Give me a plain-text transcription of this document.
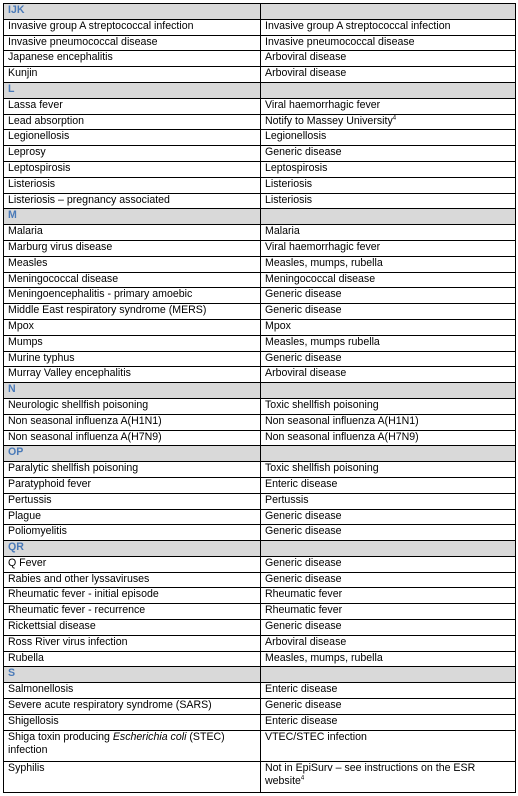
IJK	
Invasive group A streptococcal infection	Invasive group A streptococcal infection
Invasive pneumococcal disease	Invasive pneumococcal disease
Japanese encephalitis	Arboviral disease
Kunjin	Arboviral disease
L	
Lassa fever	Viral haemorrhagic fever
Lead absorption	Notify to Massey University$^4$
Legionellosis	Legionellosis
Leprosy	Generic disease
Leptospirosis	Leptospirosis
Listeriosis	Listeriosis
Listeriosis – pregnancy associated	Listeriosis
M	
Malaria	Malaria
Marburg virus disease	Viral haemorrhagic fever
Measles	Measles, mumps, rubella
Meningococcal disease	Meningococcal disease
Meningoencephalitis - primary amoebic	Generic disease
Middle East respiratory syndrome (MERS)	Generic disease
Mpox	Mpox
Mumps	Measles, mumps rubella
Murine typhus	Generic disease
Murray Valley encephalitis	Arboviral disease
N	
Neurologic shellfish poisoning	Toxic shellfish poisoning
Non seasonal influenza A(H1N1)	Non seasonal influenza A(H1N1)
Non seasonal influenza A(H7N9)	Non seasonal influenza A(H7N9)
OP	
Paralytic shellfish poisoning	Toxic shellfish poisoning
Paratyphoid fever	Enteric disease
Pertussis	Pertussis
Plague	Generic disease
Poliomyelitis	Generic disease
QR	
Q Fever	Generic disease
Rabies and other lyssaviruses	Generic disease
Rheumatic fever - initial episode	Rheumatic fever
Rheumatic fever - recurrence	Rheumatic fever
Rickettsial disease	Generic disease
Ross River virus infection	Arboviral disease
Rubella	Measles, mumps, rubella
S	
Salmonellosis	Enteric disease
Severe acute respiratory syndrome (SARS)	Generic disease
Shigellosis	Enteric disease
Shiga toxin producing Escherichia coli (STEC) infection	VTEC/STEC infection
Syphilis	Not in EpiSurv – see instructions on the ESR website$^4$
